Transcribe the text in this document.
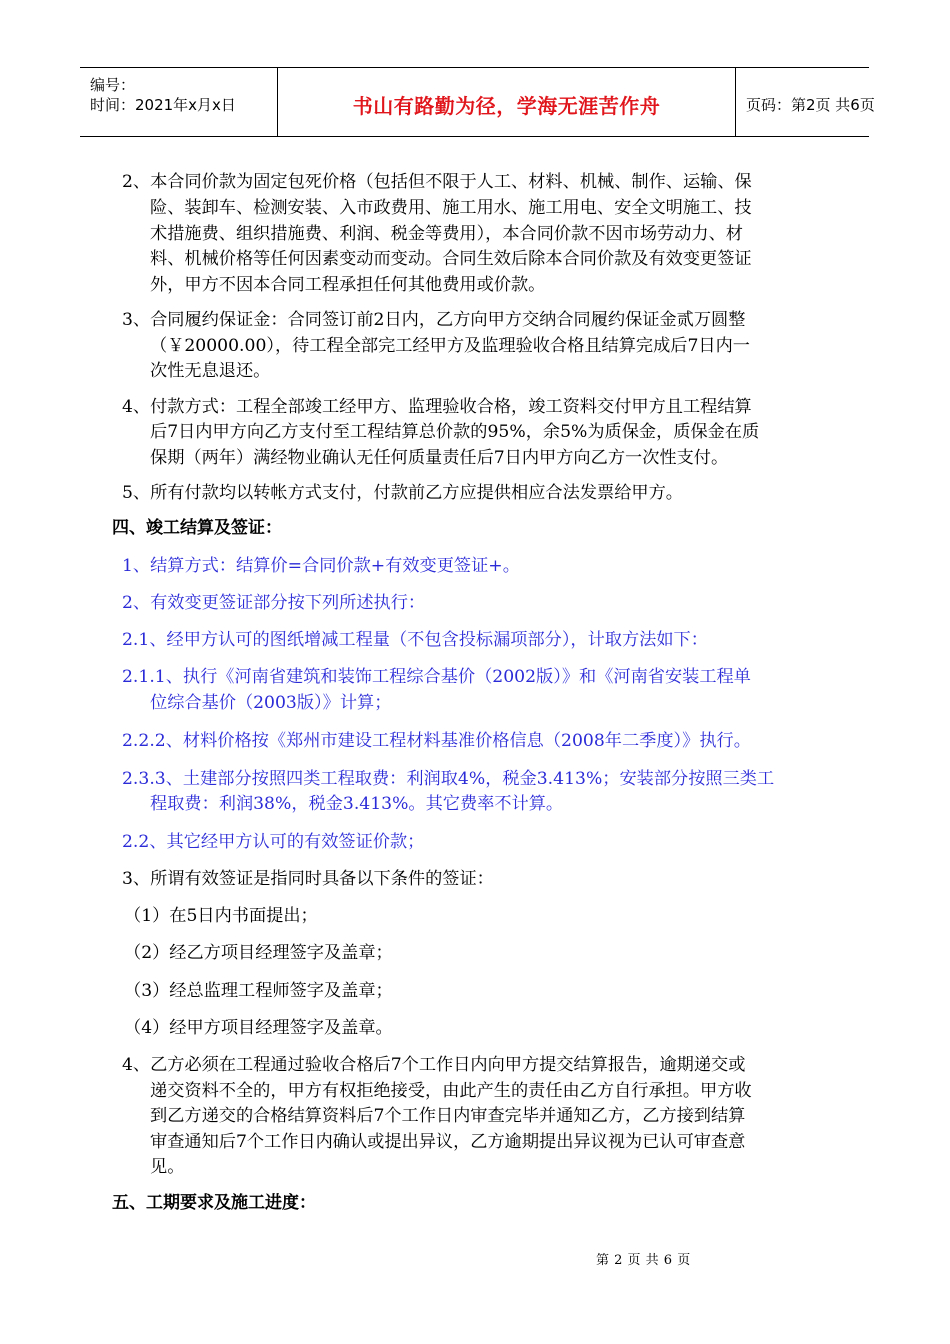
编号：
时间：2021年x月x日	书山有路勤为径，学海无涯苦作舟	页码：第2页 共6页
2、本合同价款为固定包死价格（包括但不限于人工、材料、机械、制作、运输、保
险、装卸车、检测安装、入市政费用、施工用水、施工用电、安全文明施工、技
术措施费、组织措施费、利润、税金等费用），本合同价款不因市场劳动力、材
料、机械价格等任何因素变动而变动。合同生效后除本合同价款及有效变更签证
外，甲方不因本合同工程承担任何其他费用或价款。
3、合同履约保证金：合同签订前2日内，乙方向甲方交纳合同履约保证金贰万圆整
（￥20000.00），待工程全部完工经甲方及监理验收合格且结算完成后7日内一
次性无息退还。
4、付款方式：工程全部竣工经甲方、监理验收合格，竣工资料交付甲方且工程结算
后7日内甲方向乙方支付至工程结算总价款的95%，余5%为质保金，质保金在质
保期（两年）满经物业确认无任何质量责任后7日内甲方向乙方一次性支付。
5、所有付款均以转帐方式支付，付款前乙方应提供相应合法发票给甲方。
四、竣工结算及签证：
1、结算方式：结算价=合同价款+有效变更签证+。
2、有效变更签证部分按下列所述执行：
2.1、经甲方认可的图纸增减工程量（不包含投标漏项部分），计取方法如下：
2.1.1、执行《河南省建筑和装饰工程综合基价（2002版）》和《河南省安装工程单
位综合基价（2003版）》计算；
2.2.2、材料价格按《郑州市建设工程材料基准价格信息（2008年二季度）》执行。
2.3.3、土建部分按照四类工程取费：利润取4%，税金3.413%；安装部分按照三类工
程取费：利润38%，税金3.413%。其它费率不计算。
2.2、其它经甲方认可的有效签证价款；
3、所谓有效签证是指同时具备以下条件的签证：
（1）在5日内书面提出；
（2）经乙方项目经理签字及盖章；
（3）经总监理工程师签字及盖章；
（4）经甲方项目经理签字及盖章。
4、乙方必须在工程通过验收合格后7个工作日内向甲方提交结算报告，逾期递交或
递交资料不全的，甲方有权拒绝接受，由此产生的责任由乙方自行承担。甲方收
到乙方递交的合格结算资料后7个工作日内审查完毕并通知乙方，乙方接到结算
审查通知后7个工作日内确认或提出异议，乙方逾期提出异议视为已认可审查意
见。
五、工期要求及施工进度：
第 2 页 共 6 页
